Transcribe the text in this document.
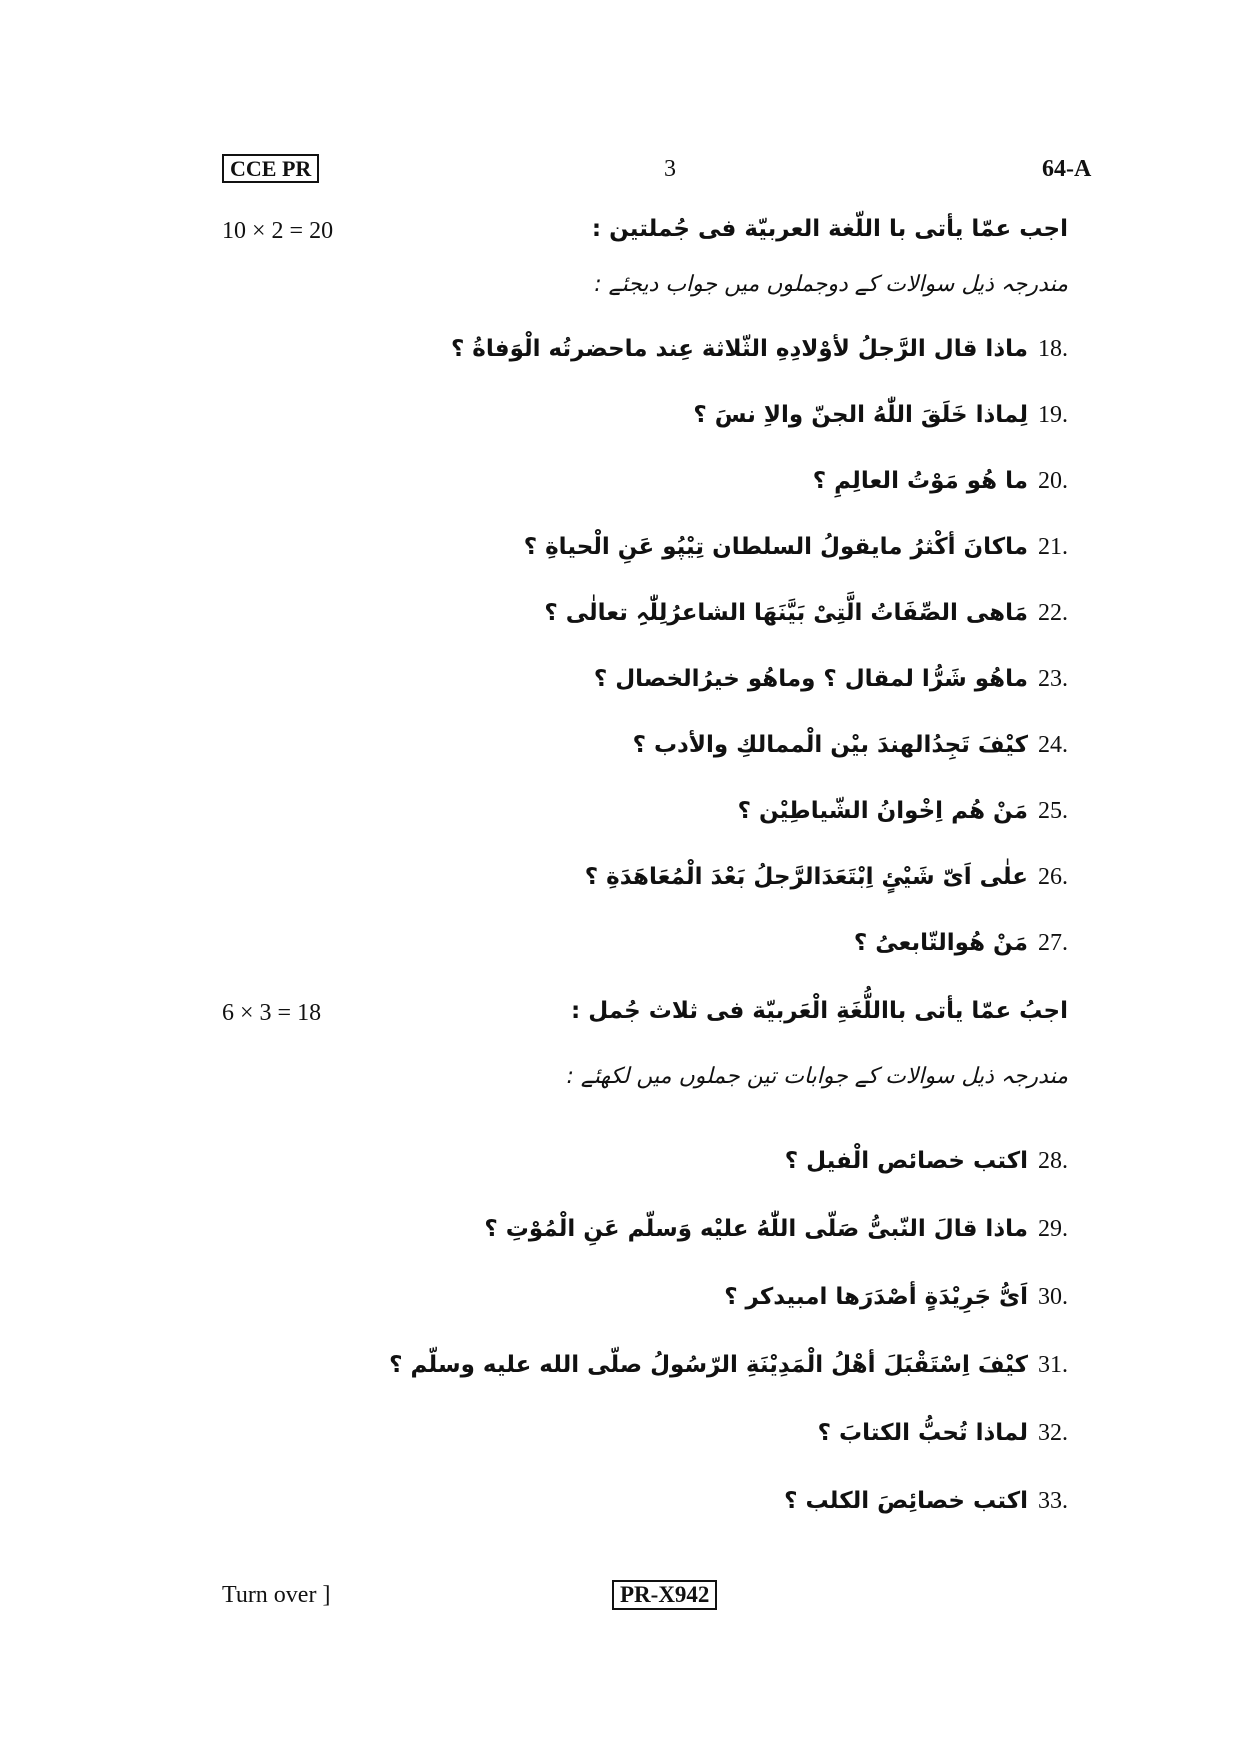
CCE PR	3	64-A
10 × 2 = 20	اجب عمّا يأتی با اللّغة العربيّة فی جُملتين :
مندرجہ ذیل سوالات کے دوجملوں میں جواب دیجئے :
18.
ماذا قال الرَّجلُ لأوْلادِهِ الثّلاثة عِند ماحضرتُه الْوَفاةُ ؟
19.
لِماذا خَلَقَ اللّٰهُ الجنّ والاِ نسَ ؟
20.
ما هُو مَوْتُ العالِمِ ؟
21.
ماكانَ أكْثرُ مايقولُ السلطان تِيْپُو عَنِ الْحياةِ ؟
22.
مَاهی الصِّفَاتُ الَّتِیْ بَيَّنَهَا الشاعرُلِلّٰہِ تعالٰی ؟
23.
ماهُو شَرُّا لمقال ؟ وماهُو خيرُالخصال ؟
24.
كيْفَ تَجِدُالهندَ بيْن الْممالكِ والأدب ؟
25.
مَنْ هُم اِخْوانُ الشّياطِيْن ؟
26.
علٰی اَیّ شَیْئٍ اِبْتَعَدَالرَّجلُ بَعْدَ الْمُعَاهَدَةِ ؟
27.
مَنْ هُوالتّابعیُ ؟
6 × 3 = 18	اجبُ عمّا يأتی بااللُّغَةِ الْعَربيّة فی ثلاث جُمل :
مندرجہ ذیل سوالات کے جوابات تین جملوں میں لکھئے :
28.
اكتب خصائص الْفيل ؟
29.
ماذا قالَ النّبیُّ صَلّی اللّٰهُ عليْه وَسلّم عَنِ الْمُوْتِ ؟
30.
اَیُّ جَرِيْدَةٍ أصْدَرَها امبيدكر ؟
31.
كيْفَ اِسْتَقْبَلَ أهْلُ الْمَدِيْنَةِ الرّسُولُ صلّی الله عليه وسلّم ؟
32.
لماذا تُحبُّ الكتابَ ؟
33.
اكتب خصائِصَ الكلب ؟
Turn over ]	PR-X942
